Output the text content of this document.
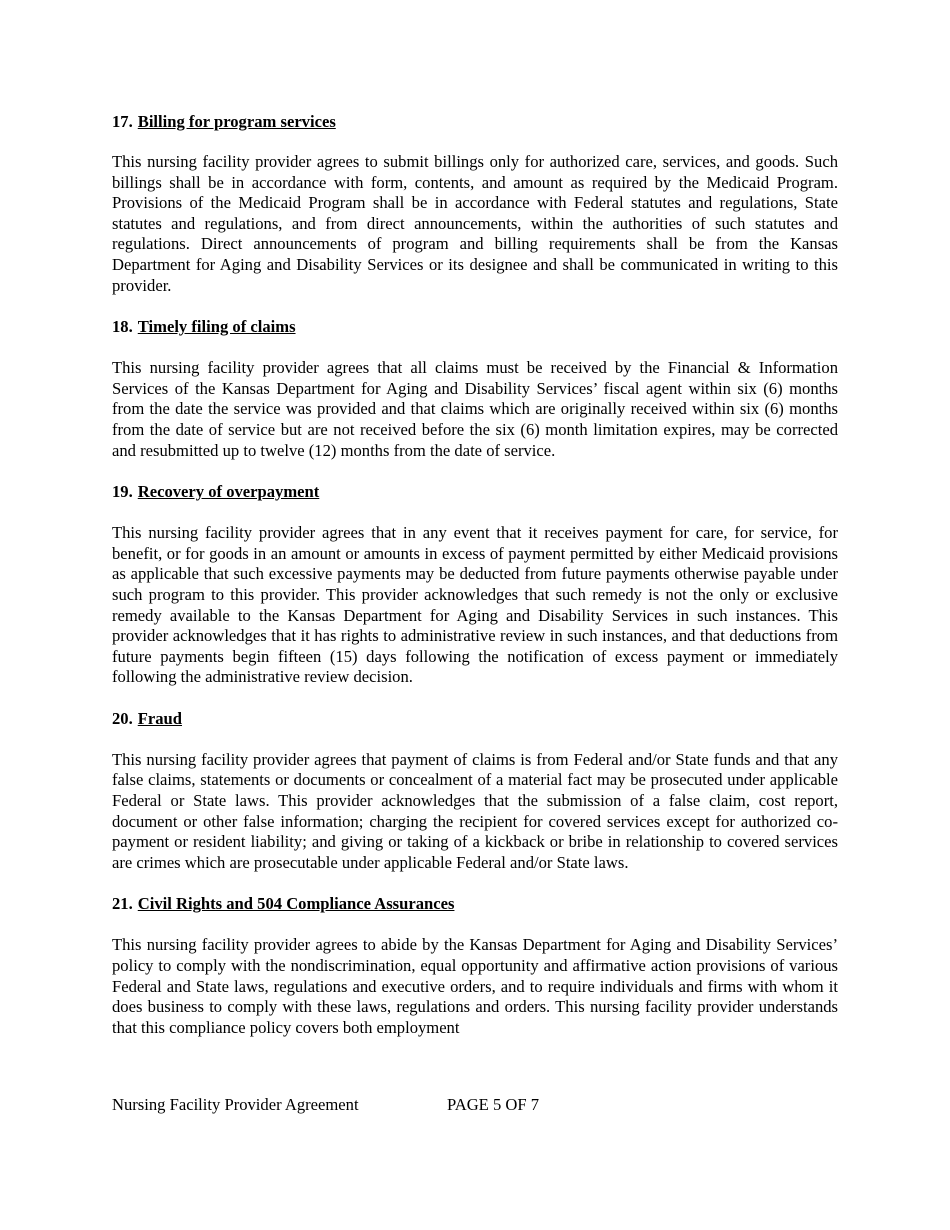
17. Billing for program services

This nursing facility provider agrees to submit billings only for authorized care, services, and goods. Such billings shall be in accordance with form, contents, and amount as required by the Medicaid Program. Provisions of the Medicaid Program shall be in accordance with Federal statutes and regulations, State statutes and regulations, and from direct announcements, within the authorities of such statutes and regulations. Direct announcements of program and billing requirements shall be from the Kansas Department for Aging and Disability Services or its designee and shall be communicated in writing to this provider.

18. Timely filing of claims

This nursing facility provider agrees that all claims must be received by the Financial & Information Services of the Kansas Department for Aging and Disability Services’ fiscal agent within six (6) months from the date the service was provided and that claims which are originally received within six (6) months from the date of service but are not received before the six (6) month limitation expires, may be corrected and resubmitted up to twelve (12) months from the date of service.

19. Recovery of overpayment

This nursing facility provider agrees that in any event that it receives payment for care, for service, for benefit, or for goods in an amount or amounts in excess of payment permitted by either Medicaid provisions as applicable that such excessive payments may be deducted from future payments otherwise payable under such program to this provider. This provider acknowledges that such remedy is not the only or exclusive remedy available to the Kansas Department for Aging and Disability Services in such instances. This provider acknowledges that it has rights to administrative review in such instances, and that deductions from future payments begin fifteen (15) days following the notification of excess payment or immediately following the administrative review decision.

20. Fraud

This nursing facility provider agrees that payment of claims is from Federal and/or State funds and that any false claims, statements or documents or concealment of a material fact may be prosecuted under applicable Federal or State laws. This provider acknowledges that the submission of a false claim, cost report, document or other false information; charging the recipient for covered services except for authorized co-payment or resident liability; and giving or taking of a kickback or bribe in relationship to covered services are crimes which are prosecutable under applicable Federal and/or State laws.

21. Civil Rights and 504 Compliance Assurances

This nursing facility provider agrees to abide by the Kansas Department for Aging and Disability Services’ policy to comply with the nondiscrimination, equal opportunity and affirmative action provisions of various Federal and State laws, regulations and executive orders, and to require individuals and firms with whom it does business to comply with these laws, regulations and orders. This nursing facility provider understands that this compliance policy covers both employment

Nursing Facility Provider Agreement	PAGE 5 OF 7
